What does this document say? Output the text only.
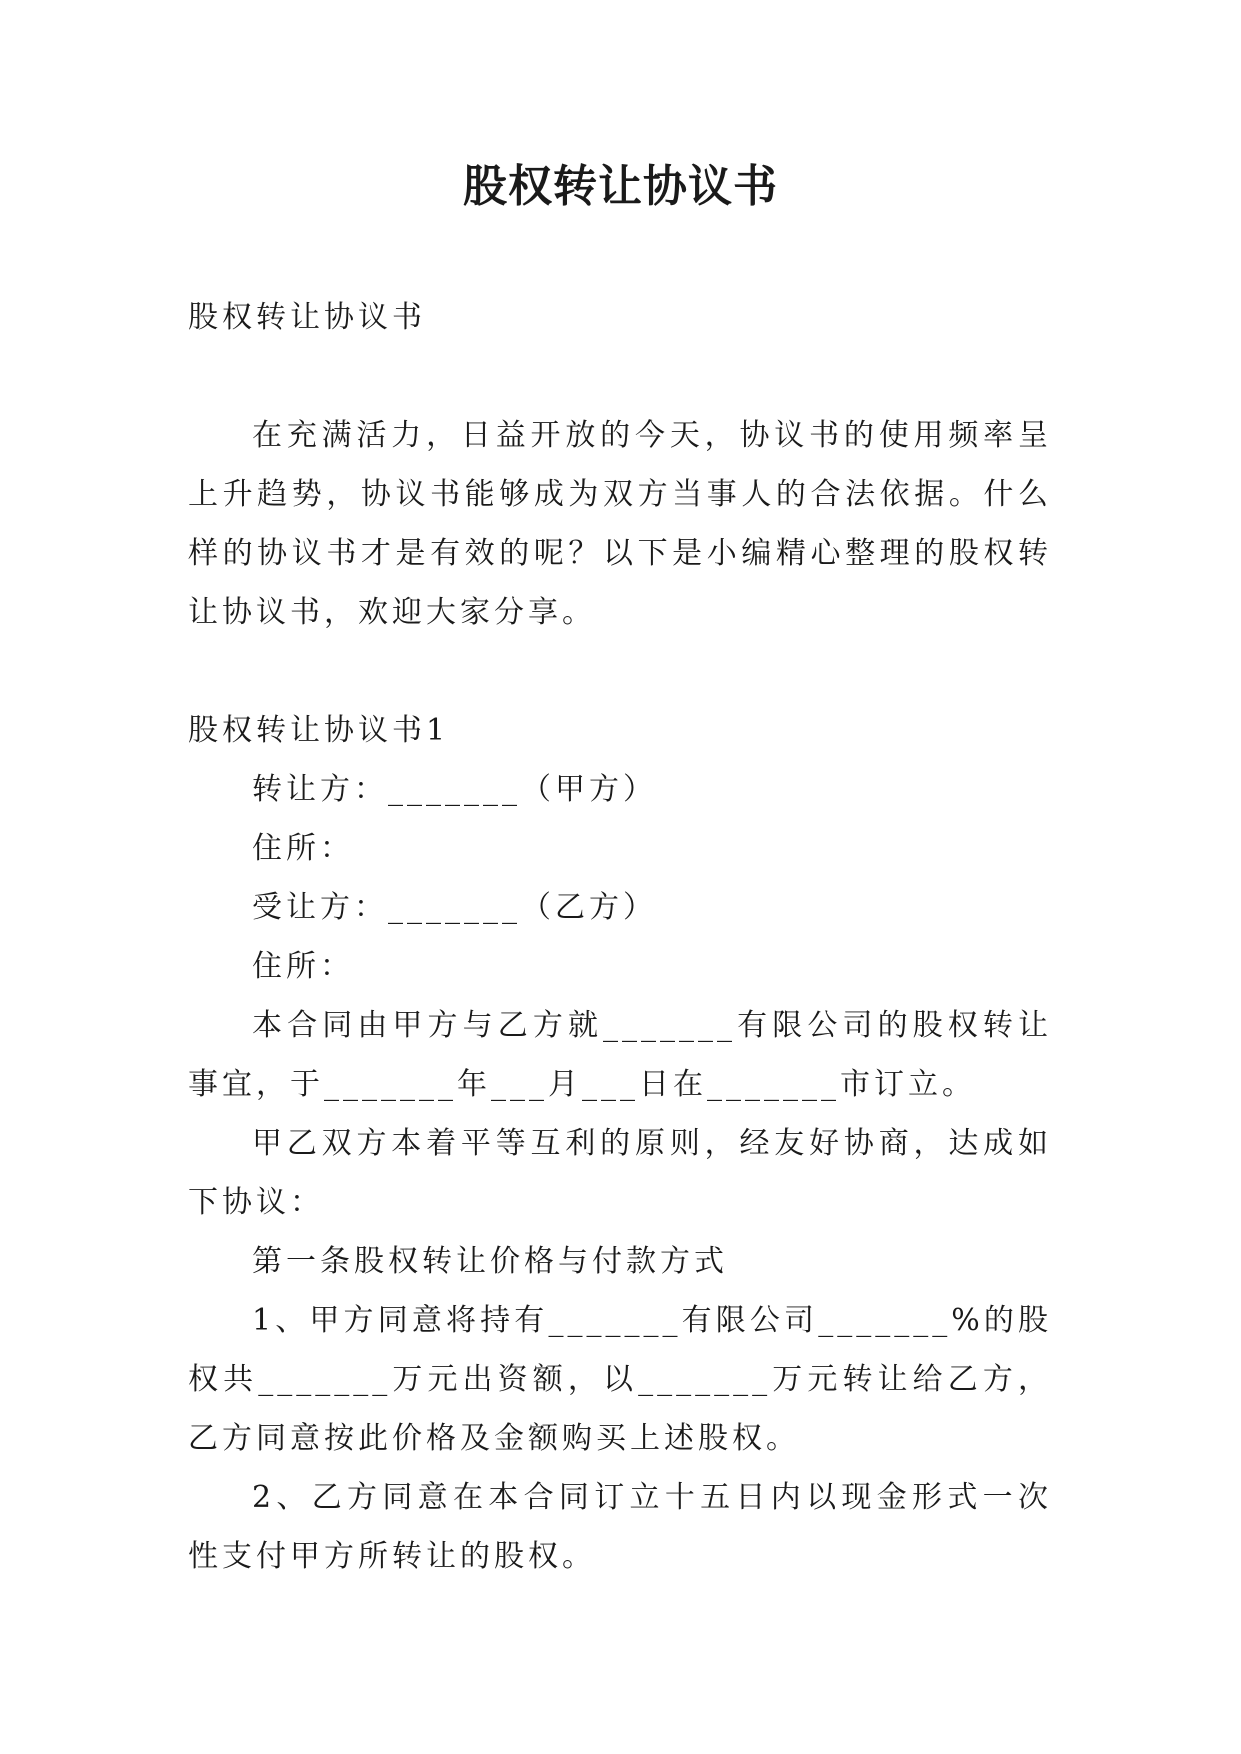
股权转让协议书

股权转让协议书

在充满活力，日益开放的今天，协议书的使用频率呈上升趋势，协议书能够成为双方当事人的合法依据。什么样的协议书才是有效的呢？以下是小编精心整理的股权转让协议书，欢迎大家分享。

股权转让协议书1

转让方：_______（甲方）

住所：

受让方：_______（乙方）

住所：

本合同由甲方与乙方就_______有限公司的股权转让事宜，于_______年___月___日在_______市订立。

甲乙双方本着平等互利的原则，经友好协商，达成如下协议：

第一条股权转让价格与付款方式

1、甲方同意将持有_______有限公司_______%的股权共_______万元出资额，以_______万元转让给乙方，乙方同意按此价格及金额购买上述股权。

2、乙方同意在本合同订立十五日内以现金形式一次性支付甲方所转让的股权。
